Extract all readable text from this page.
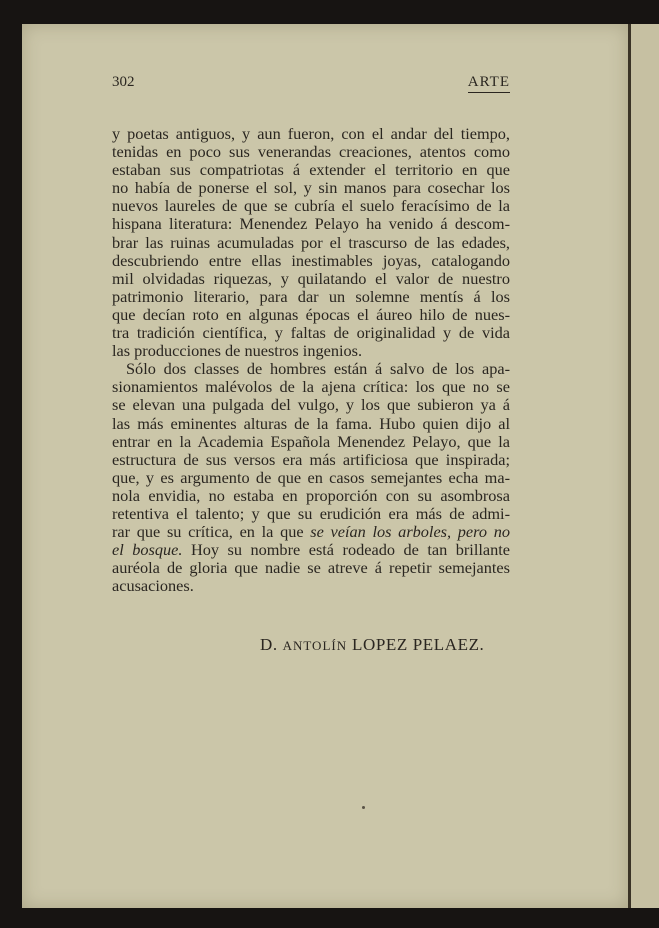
302	ARTE
y poetas antiguos, y aun fueron, con el andar del tiempo,
tenidas en poco sus venerandas creaciones, atentos como
estaban sus compatriotas á extender el territorio en que
no había de ponerse el sol, y sin manos para cosechar los
nuevos laureles de que se cubría el suelo feracísimo de la
hispana literatura: Menendez Pelayo ha venido á descom-
brar las ruinas acumuladas por el trascurso de las edades,
descubriendo entre ellas inestimables joyas, catalogando
mil olvidadas riquezas, y quilatando el valor de nuestro
patrimonio literario, para dar un solemne mentís á los
que decían roto en algunas épocas el áureo hilo de nues-
tra tradición científica, y faltas de originalidad y de vida
las producciones de nuestros ingenios.
Sólo dos classes de hombres están á salvo de los apa-
sionamientos malévolos de la ajena crítica: los que no se
se elevan una pulgada del vulgo, y los que subieron ya á
las más eminentes alturas de la fama. Hubo quien dijo al
entrar en la Academia Española Menendez Pelayo, que la
estructura de sus versos era más artificiosa que inspirada;
que, y es argumento de que en casos semejantes echa ma-
nola envidia, no estaba en proporción con su asombrosa
retentiva el talento; y que su erudición era más de admi-
rar que su crítica, en la que se veían los arboles, pero no
el bosque. Hoy su nombre está rodeado de tan brillante
auréola de gloria que nadie se atreve á repetir semejantes
acusaciones.
D. ANTOLÍN LOPEZ PELAEZ.
